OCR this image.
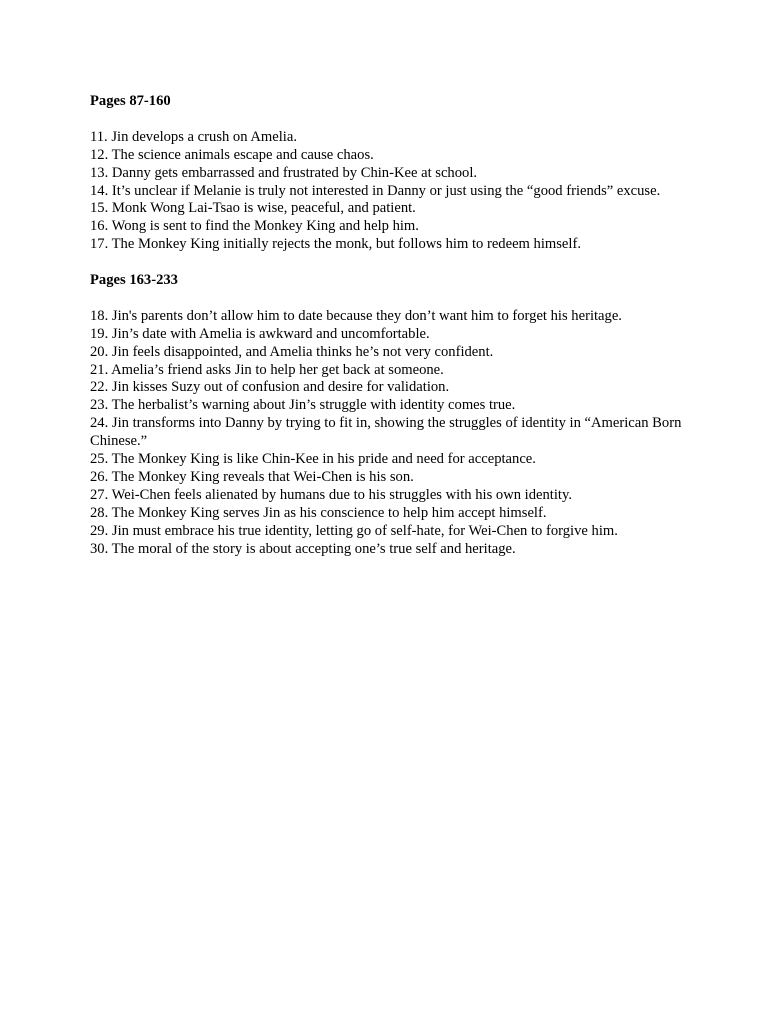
Pages 87-160
11. Jin develops a crush on Amelia.
12. The science animals escape and cause chaos.
13. Danny gets embarrassed and frustrated by Chin-Kee at school.
14. It’s unclear if Melanie is truly not interested in Danny or just using the “good friends” excuse.
15. Monk Wong Lai-Tsao is wise, peaceful, and patient.
16. Wong is sent to find the Monkey King and help him.
17. The Monkey King initially rejects the monk, but follows him to redeem himself.
Pages 163-233
18. Jin's parents don’t allow him to date because they don’t want him to forget his heritage.
19. Jin’s date with Amelia is awkward and uncomfortable.
20. Jin feels disappointed, and Amelia thinks he’s not very confident.
21. Amelia’s friend asks Jin to help her get back at someone.
22. Jin kisses Suzy out of confusion and desire for validation.
23. The herbalist’s warning about Jin’s struggle with identity comes true.
24. Jin transforms into Danny by trying to fit in, showing the struggles of identity in “American Born Chinese.”
25. The Monkey King is like Chin-Kee in his pride and need for acceptance.
26. The Monkey King reveals that Wei-Chen is his son.
27. Wei-Chen feels alienated by humans due to his struggles with his own identity.
28. The Monkey King serves Jin as his conscience to help him accept himself.
29. Jin must embrace his true identity, letting go of self-hate, for Wei-Chen to forgive him.
30. The moral of the story is about accepting one’s true self and heritage.
